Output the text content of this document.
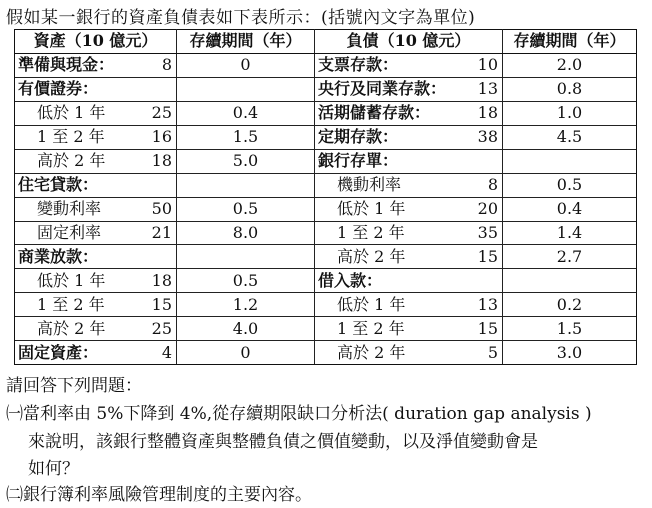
假如某一銀行的資產負債表如下表所示：(括號內文字為單位)
資產（10 億元）		存續期間（年）	負債（10 億元）		存續期間（年）
準備與現金：	8	0	支票存款：	10	2.0
有價證券：			央行及同業存款：	13	0.8
低於 1 年	25	0.4	活期儲蓄存款：	18	1.0
1 至 2 年	16	1.5	定期存款：	38	4.5
高於 2 年	18	5.0	銀行存單：		
住宅貸款：			機動利率	8	0.5
變動利率	50	0.5	低於 1 年	20	0.4
固定利率	21	8.0	1 至 2 年	35	1.4
商業放款：			高於 2 年	15	2.7
低於 1 年	18	0.5	借入款：		
1 至 2 年	15	1.2	低於 1 年	13	0.2
高於 2 年	25	4.0	1 至 2 年	15	1.5
固定資產：	4	0	高於 2 年	5	3.0
請回答下列問題：
㈠當利率由 5%下降到 4%,從存續期限缺口分析法( duration gap analysis )
來說明，該銀行整體資產與整體負債之價值變動，以及淨值變動會是
如何？
㈡銀行簿利率風險管理制度的主要內容。
